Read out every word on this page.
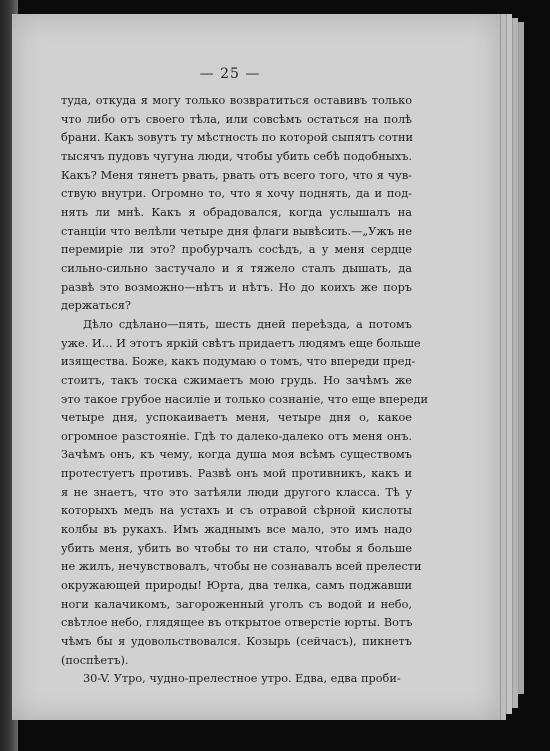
— 25 —
туда, откуда я могу только возвратиться оставивъ только
что либо отъ своего тѣла, или совсѣмъ остаться на полѣ
брани. Какъ зовутъ ту мѣстность по которой сыпятъ сотни
тысячъ пудовъ чугуна люди, чтобы убить себѣ подобныхъ.
Какъ? Меня тянетъ рвать, рвать отъ всего того, что я чув-
ствую внутри. Огромно то, что я хочу поднять, да и под-
нять ли мнѣ. Какъ я обрадовался, когда услышалъ на
станціи что велѣли четыре дня флаги вывѣсить.—„Ужъ не
перемиріе ли это? пробурчалъ сосѣдъ, а у меня сердце
сильно-сильно застучало и я тяжело сталъ дышать, да
развѣ это возможно—нѣтъ и нѣтъ. Но до коихъ же поръ
держаться?
Дѣло сдѣлано—пять, шесть дней переѣзда, а потомъ
уже. И... И этотъ яркій свѣтъ придаетъ людямъ еще больше
изящества. Боже, какъ подумаю о томъ, что впереди пред-
стоитъ, такъ тоска сжимаетъ мою грудь. Но зачѣмъ же
это такое грубое насиліе и только сознаніе, что еще впереди
четыре дня, успокаиваетъ меня, четыре дня о, какое
огромное разстояніе. Гдѣ то далеко-далеко отъ меня онъ.
Зачѣмъ онъ, къ чему, когда душа моя всѣмъ существомъ
протестуетъ противъ. Развѣ онъ мой противникъ, какъ и
я не знаетъ, что это затѣяли люди другого класса. Тѣ у
которыхъ медъ на устахъ и съ отравой сѣрной кислоты
колбы въ рукахъ. Имъ жаднымъ все мало, это имъ надо
убить меня, убить во чтобы то ни стало, чтобы я больше
не жилъ, нечувствовалъ, чтобы не сознавалъ всей прелести
окружающей природы! Юрта, два телка, самъ поджавши
ноги калачикомъ, загороженный уголъ съ водой и небо,
свѣтлое небо, глядящее въ открытое отверстіе юрты. Вотъ
чѣмъ бы я удовольствовался. Козырь (сейчасъ), пикнетъ
(поспѣетъ).
30-V. Утро, чудно-прелестное утро. Едва, едва проби-
